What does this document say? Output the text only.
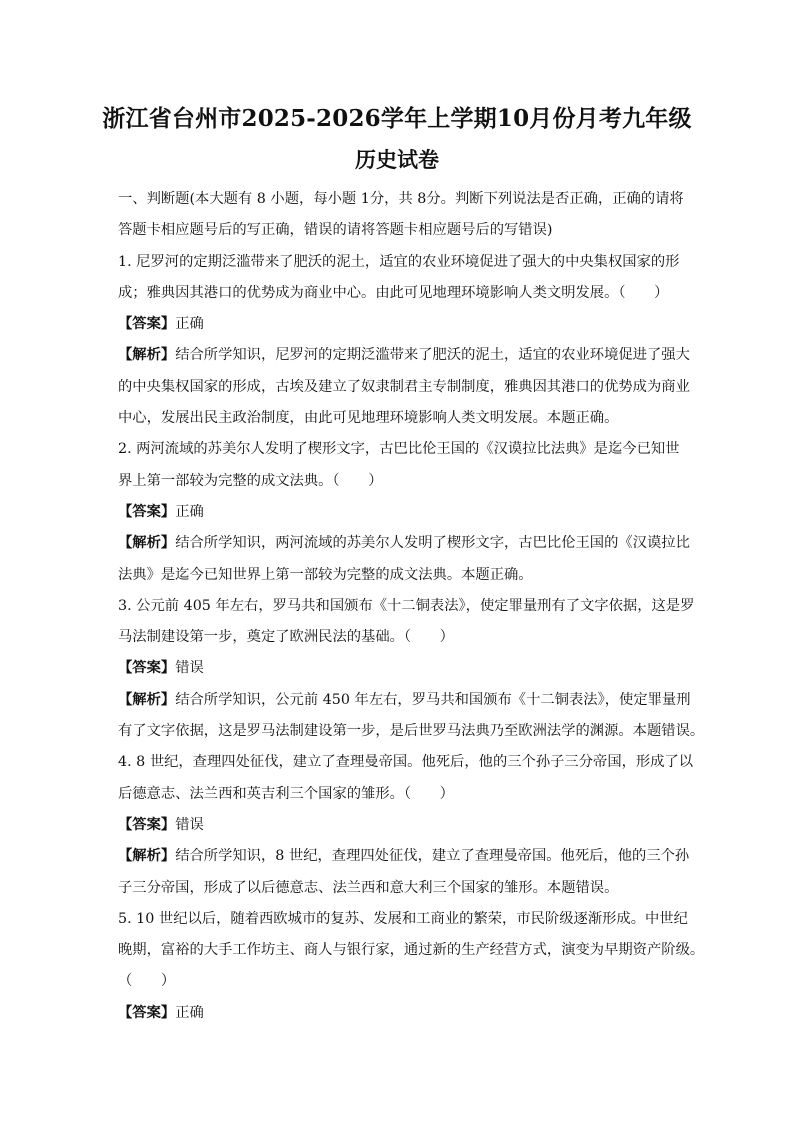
浙江省台州市2025-2026学年上学期10月份月考九年级
历史试卷
一、判断题(本大题有 8 小题，每小题 1分，共 8分。判断下列说法是否正确，正确的请将
答题卡相应题号后的写正确，错误的请将答题卡相应题号后的写错误)
1. 尼罗河的定期泛滥带来了肥沃的泥土，适宜的农业环境促进了强大的中央集权国家的形
成；雅典因其港口的优势成为商业中心。由此可见地理环境影响人类文明发展。（　　）
【答案】正确
【解析】结合所学知识，尼罗河的定期泛滥带来了肥沃的泥土，适宜的农业环境促进了强大
的中央集权国家的形成，古埃及建立了奴隶制君主专制制度，雅典因其港口的优势成为商业
中心，发展出民主政治制度，由此可见地理环境影响人类文明发展。本题正确。
2. 两河流域的苏美尔人发明了楔形文字，古巴比伦王国的《汉谟拉比法典》是迄今已知世
界上第一部较为完整的成文法典。（　　）
【答案】正确
【解析】结合所学知识，两河流域的苏美尔人发明了楔形文字，古巴比伦王国的《汉谟拉比
法典》是迄今已知世界上第一部较为完整的成文法典。本题正确。
3. 公元前 405 年左右，罗马共和国颁布《十二铜表法》，使定罪量刑有了文字依据，这是罗
马法制建设第一步，奠定了欧洲民法的基础。（　　）
【答案】错误
【解析】结合所学知识，公元前 450 年左右，罗马共和国颁布《十二铜表法》，使定罪量刑
有了文字依据，这是罗马法制建设第一步，是后世罗马法典乃至欧洲法学的渊源。本题错误。
4. 8 世纪，查理四处征伐，建立了查理曼帝国。他死后，他的三个孙子三分帝国，形成了以
后德意志、法兰西和英吉利三个国家的雏形。（　　）
【答案】错误
【解析】结合所学知识，8 世纪，查理四处征伐，建立了查理曼帝国。他死后，他的三个孙
子三分帝国，形成了以后德意志、法兰西和意大利三个国家的雏形。本题错误。
5. 10 世纪以后，随着西欧城市的复苏、发展和工商业的繁荣，市民阶级逐渐形成。中世纪
晚期，富裕的大手工作坊主、商人与银行家，通过新的生产经营方式，演变为早期资产阶级。
（　　）
【答案】正确
